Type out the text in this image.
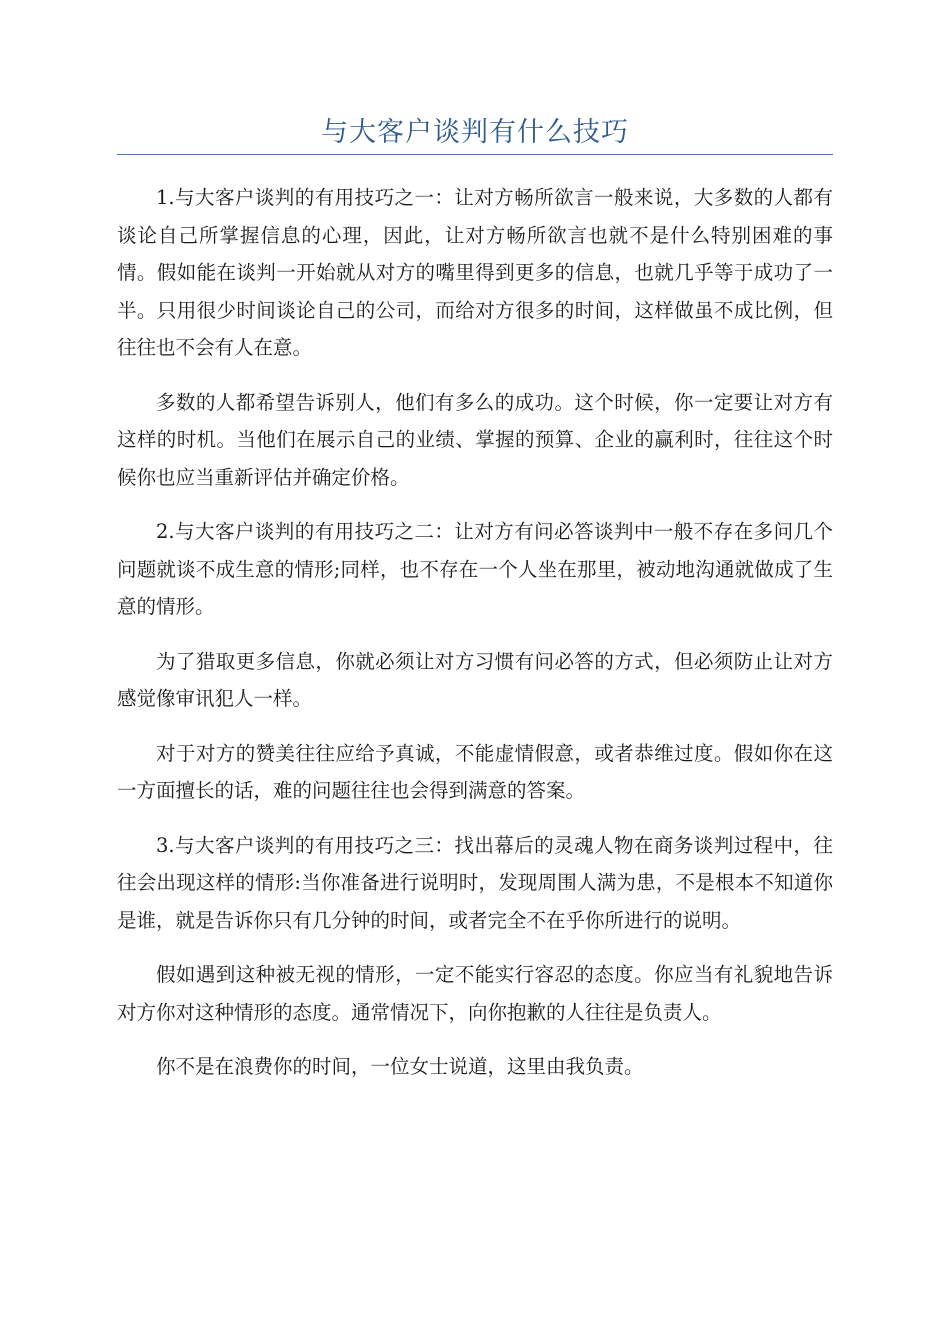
与大客户谈判有什么技巧

1.与大客户谈判的有用技巧之一：让对方畅所欲言一般来说，大多数的人都有谈论自己所掌握信息的心理，因此，让对方畅所欲言也就不是什么特别困难的事情。假如能在谈判一开始就从对方的嘴里得到更多的信息，也就几乎等于成功了一半。只用很少时间谈论自己的公司，而给对方很多的时间，这样做虽不成比例，但往往也不会有人在意。

多数的人都希望告诉别人，他们有多么的成功。这个时候，你一定要让对方有这样的时机。当他们在展示自己的业绩、掌握的预算、企业的赢利时，往往这个时候你也应当重新评估并确定价格。

2.与大客户谈判的有用技巧之二：让对方有问必答谈判中一般不存在多问几个问题就谈不成生意的情形;同样，也不存在一个人坐在那里，被动地沟通就做成了生意的情形。

为了猎取更多信息，你就必须让对方习惯有问必答的方式，但必须防止让对方感觉像审讯犯人一样。

对于对方的赞美往往应给予真诚，不能虚情假意，或者恭维过度。假如你在这一方面擅长的话，难的问题往往也会得到满意的答案。

3.与大客户谈判的有用技巧之三：找出幕后的灵魂人物在商务谈判过程中，往往会出现这样的情形:当你准备进行说明时，发现周围人满为患，不是根本不知道你是谁，就是告诉你只有几分钟的时间，或者完全不在乎你所进行的说明。

假如遇到这种被无视的情形，一定不能实行容忍的态度。你应当有礼貌地告诉对方你对这种情形的态度。通常情况下，向你抱歉的人往往是负责人。

你不是在浪费你的时间，一位女士说道，这里由我负责。
